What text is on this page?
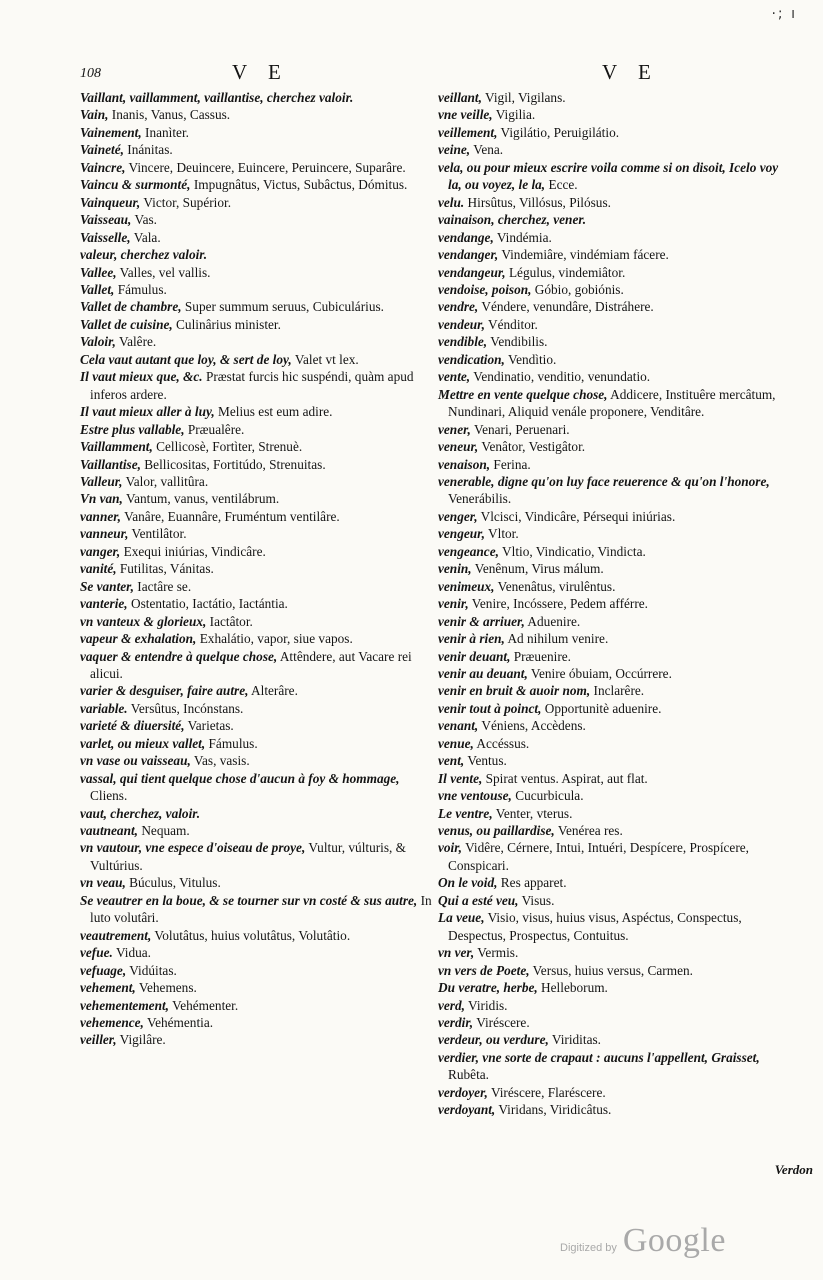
·; ı
108	V E	V E

Vaillant, vaillamment, vaillantise, cherchez valoir.

Vain, Inanis, Vanus, Cassus.

Vainement, Inanìter.

Vaineté, Inánitas.

Vaincre, Vincere, Deuincere, Euincere, Peruincere, Suparâre.

Vaincu & surmonté, Impugnâtus, Victus, Subâctus, Dómitus.

Vainqueur, Victor, Supérior.

Vaisseau, Vas.

Vaisselle, Vala.

valeur, cherchez valoir.

Vallee, Valles, vel vallis.

Vallet, Fámulus.

Vallet de chambre, Super summum seruus, Cubiculárius.

Vallet de cuisine, Culinârius minister.

Valoir, Valêre.

Cela vaut autant que loy, & sert de loy, Valet vt lex.

Il vaut mieux que, &c. Præstat furcis hic suspéndi, quàm apud inferos ardere.

Il vaut mieux aller à luy, Melius est eum adire.

Estre plus vallable, Præualêre.

Vaillamment, Cellicosè, Fortìter, Strenuè.

Vaillantise, Bellicositas, Fortitúdo, Strenuitas.

Valleur, Valor, vallitûra.

Vn van, Vantum, vanus, ventilábrum.

vanner, Vanâre, Euannâre, Fruméntum ventilâre.

vanneur, Ventilâtor.

vanger, Exequi iniúrias, Vindicâre.

vanité, Futilitas, Vánitas.

Se vanter, Iactâre se.

vanterie, Ostentatio, Iactátio, Iactántia.

vn vanteux & glorieux, Iactâtor.

vapeur & exhalation, Exhalátio, vapor, siue vapos.

vaquer & entendre à quelque chose, Attêndere, aut Vacare rei alicui.

varier & desguiser, faire autre, Alterâre.

variable. Versûtus, Incónstans.

varieté & diuersité, Varietas.

varlet, ou mieux vallet, Fámulus.

vn vase ou vaisseau, Vas, vasis.

vassal, qui tient quelque chose d'aucun à foy & hommage, Cliens.

vaut, cherchez, valoir.

vautneant, Nequam.

vn vautour, vne espece d'oiseau de proye, Vultur, vúlturis, & Vultúrius.

vn veau, Búculus, Vitulus.

Se veautrer en la boue, & se tourner sur vn costé & sus autre, In luto volutâri.

veautrement, Volutâtus, huius volutâtus, Volutâtio.

vefue. Vidua.

vefuage, Vidúitas.

vehement, Vehemens.

vehementement, Vehémenter.

vehemence, Vehémentia.

veiller, Vigilâre.

veillant, Vigil, Vigilans.

vne veille, Vigilia.

veillement, Vigilátio, Peruigilátio.

veine, Vena.

vela, ou pour mieux escrire voila comme si on disoit, Icelo voy la, ou voyez, le la, Ecce.

velu. Hirsûtus, Villósus, Pilósus.

vainaison, cherchez, vener.

vendange, Vindémia.

vendanger, Vindemiâre, vindémiam fácere.

vendangeur, Légulus, vindemiâtor.

vendoise, poison, Góbio, gobiónis.

vendre, Véndere, venundâre, Distráhere.

vendeur, Vénditor.

vendible, Vendibilis.

vendication, Vendìtio.

vente, Vendinatio, venditio, venundatio.

Mettre en vente quelque chose, Addicere, Instituêre mercâtum, Nundinari, Aliquid venále proponere, Venditâre.

vener, Venari, Peruenari.

veneur, Venâtor, Vestigâtor.

venaison, Ferina.

venerable, digne qu'on luy face reuerence & qu'on l'honore, Venerábilis.

venger, Vlcisci, Vindicâre, Pérsequi iniúrias.

vengeur, Vltor.

vengeance, Vltio, Vindicatio, Vindicta.

venin, Venênum, Virus málum.

venimeux, Venenâtus, virulêntus.

venir, Venire, Incóssere, Pedem afférre.

venir & arriuer, Aduenire.

venir à rien, Ad nihilum venire.

venir deuant, Præuenire.

venir au deuant, Venire óbuiam, Occúrrere.

venir en bruit & auoir nom, Inclarêre.

venir tout à poinct, Opportunitè aduenire.

venant, Véniens, Accèdens.

venue, Accéssus.

vent, Ventus.

Il vente, Spirat ventus. Aspirat, aut flat.

vne ventouse, Cucurbicula.

Le ventre, Venter, vterus.

venus, ou paillardise, Venérea res.

voir, Vidêre, Cérnere, Intui, Intuéri, Despícere, Prospícere, Conspicari.

On le void, Res apparet.

Qui a esté veu, Visus.

La veue, Visio, visus, huius visus, Aspéctus, Conspectus, Despectus, Prospectus, Contuitus.

vn ver, Vermis.

vn vers de Poete, Versus, huius versus, Carmen.

Du veratre, herbe, Helleborum.

verd, Viridis.

verdir, Viréscere.

verdeur, ou verdure, Viriditas.

verdier, vne sorte de crapaut : aucuns l'appellent, Graisset, Rubêta.

verdoyer, Viréscere, Flaréscere.

verdoyant, Viridans, Viridicâtus.

Verdon
Digitized by Google
